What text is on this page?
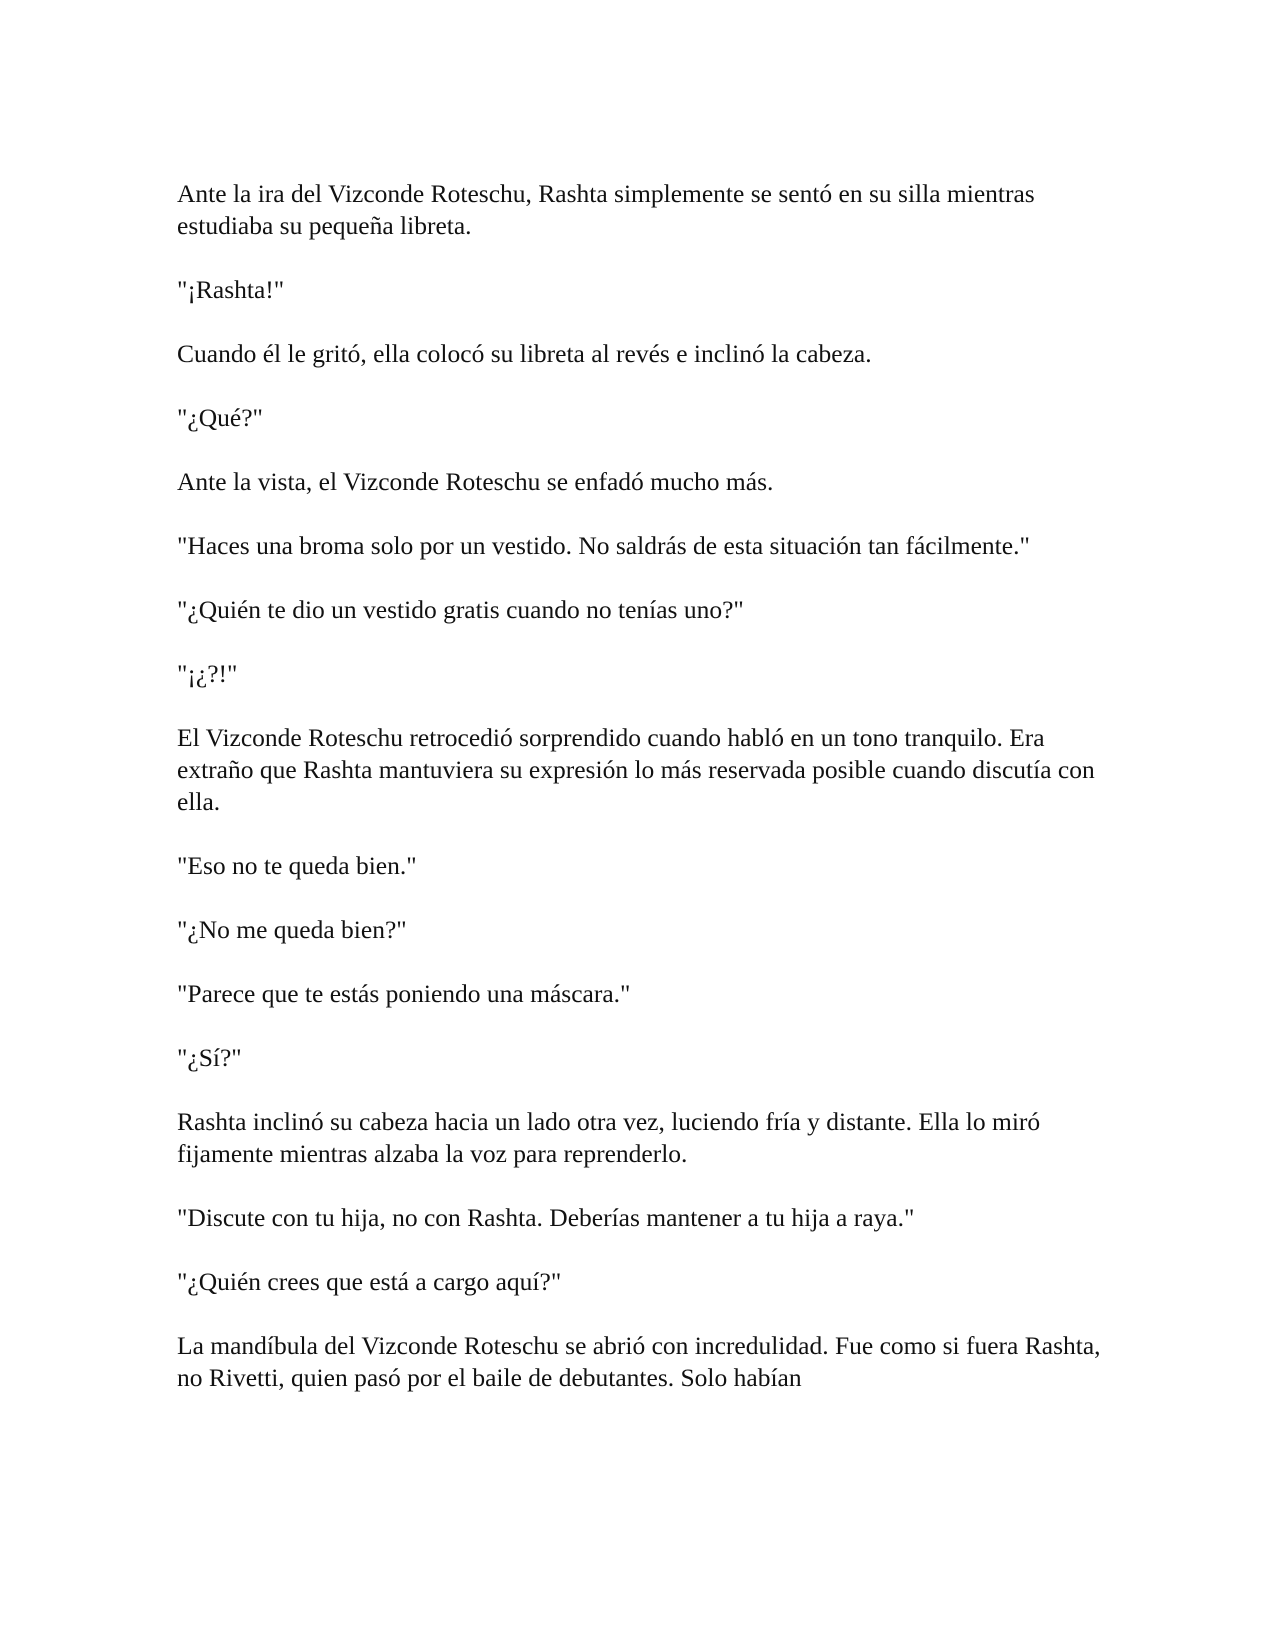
Ante la ira del Vizconde Roteschu, Rashta simplemente se sentó en su silla mientras estudiaba su pequeña libreta.

"¡Rashta!"

Cuando él le gritó, ella colocó su libreta al revés e inclinó la cabeza.

"¿Qué?"

Ante la vista, el Vizconde Roteschu se enfadó mucho más.

"Haces una broma solo por un vestido. No saldrás de esta situación tan fácilmente."

"¿Quién te dio un vestido gratis cuando no tenías uno?"

"¡¿?!"

El Vizconde Roteschu retrocedió sorprendido cuando habló en un tono tranquilo. Era extraño que Rashta mantuviera su expresión lo más reservada posible cuando discutía con ella.

"Eso no te queda bien."

"¿No me queda bien?"

"Parece que te estás poniendo una máscara."

"¿Sí?"

Rashta inclinó su cabeza hacia un lado otra vez, luciendo fría y distante. Ella lo miró fijamente mientras alzaba la voz para reprenderlo.

"Discute con tu hija, no con Rashta. Deberías mantener a tu hija a raya."

"¿Quién crees que está a cargo aquí?"

La mandíbula del Vizconde Roteschu se abrió con incredulidad. Fue como si fuera Rashta, no Rivetti, quien pasó por el baile de debutantes. Solo habían
